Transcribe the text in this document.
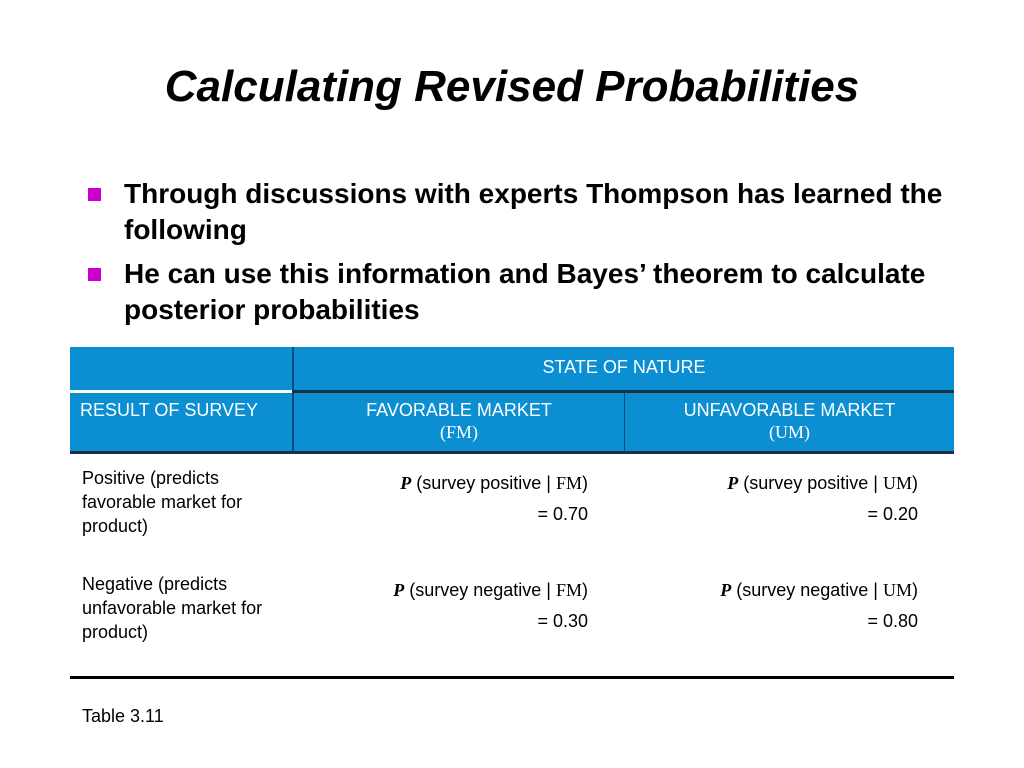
Calculating Revised Probabilities
Through discussions with experts Thompson has learned the following
He can use this information and Bayes’ theorem to calculate posterior probabilities
STATE OF NATURE
RESULT OF SURVEY	FAVORABLE MARKET
(FM)
UNFAVORABLE MARKET
(UM)
Positive (predicts favorable market for product)
P (survey positive | FM)
= 0.70
P (survey positive | UM)
= 0.20
Negative (predicts unfavorable market for product)
P (survey negative | FM)
= 0.30
P (survey negative | UM)
= 0.80
Table 3.11
